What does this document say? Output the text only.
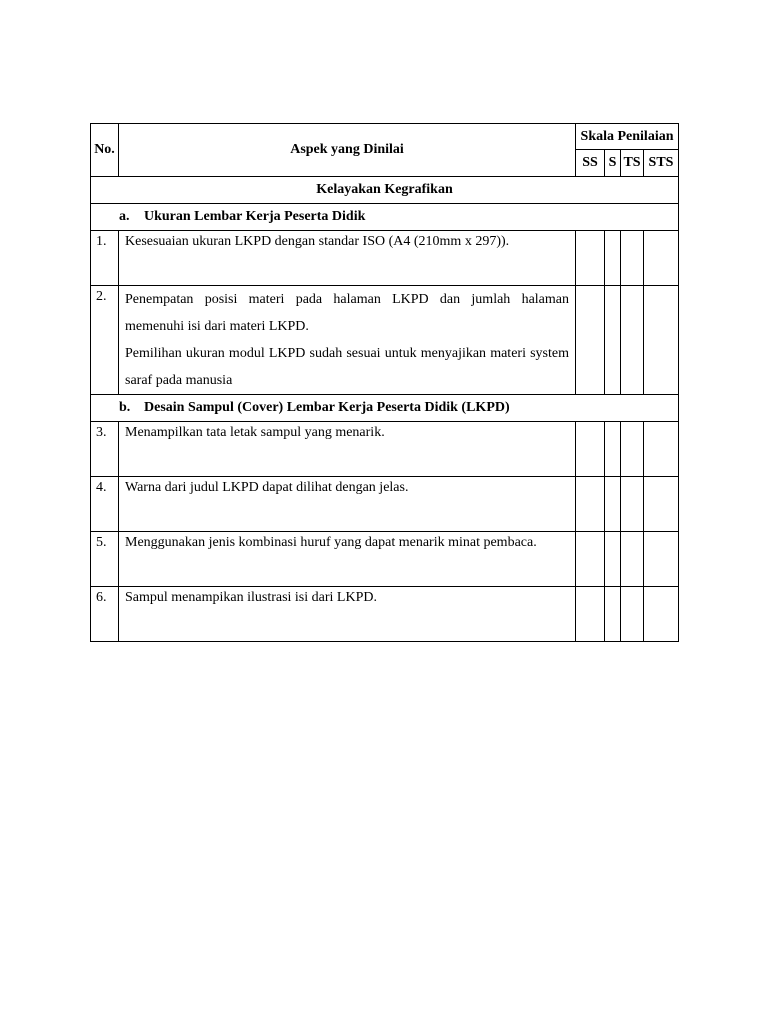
No.	Aspek yang Dinilai	Skala Penilaian			
		SS	S	TS	STS
Kelayakan Kegrafikan					
a. Ukuran Lembar Kerja Peserta Didik					
1.	Kesesuaian ukuran LKPD dengan standar ISO (A4 (210mm x 297)).				

2.	Penempatan posisi materi pada halaman LKPD dan jumlah halaman memenuhi isi dari materi LKPD.

Pemilihan ukuran modul LKPD sudah sesuai untuk menyajikan materi system saraf pada manusia				

b. Desain Sampul (Cover) Lembar Kerja Peserta Didik (LKPD)					
3.	Menampilkan tata letak sampul yang menarik.				

4.	Warna dari judul LKPD dapat dilihat dengan jelas.				

5.	Menggunakan jenis kombinasi huruf yang dapat menarik minat pembaca.				

6.	Sampul menampikan ilustrasi isi dari LKPD.				
